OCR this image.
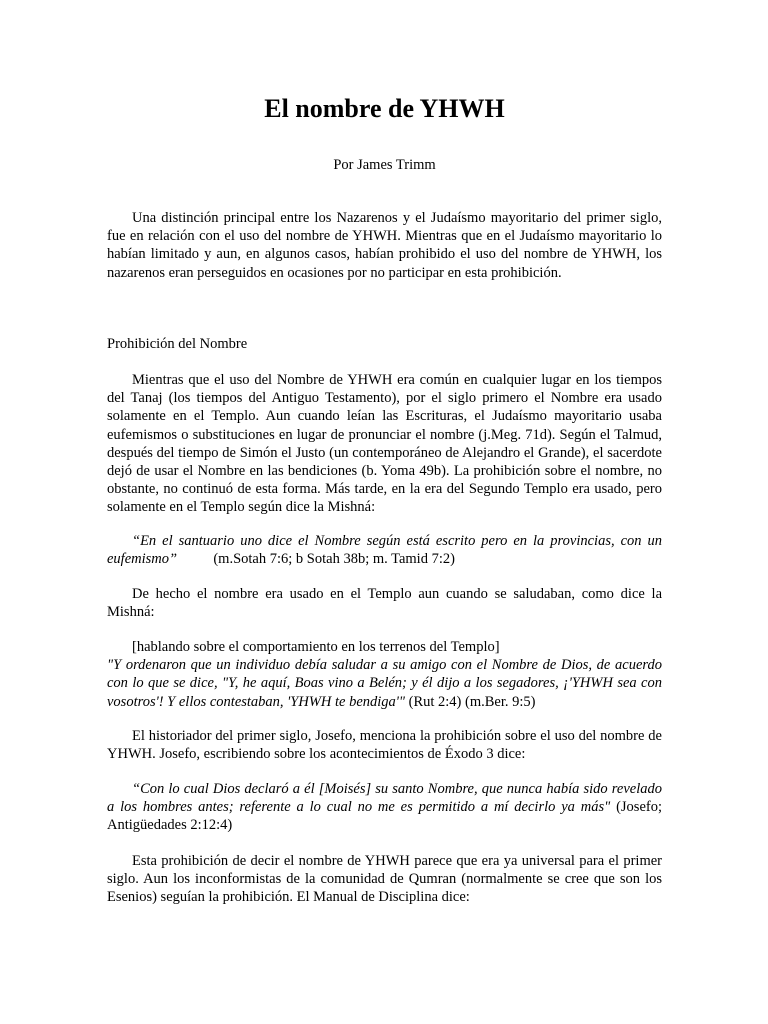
El nombre de YHWH

Por James Trimm

Una distinción principal entre los Nazarenos y el Judaísmo mayoritario del primer siglo, fue en relación con el uso del nombre de YHWH. Mientras que en el Judaísmo mayoritario lo habían limitado y aun, en algunos casos, habían prohibido el uso del nombre de YHWH, los nazarenos eran perseguidos en ocasiones por no participar en esta prohibición.

Prohibición del Nombre

Mientras que el uso del Nombre de YHWH era común en cualquier lugar en los tiempos del Tanaj (los tiempos del Antiguo Testamento), por el siglo primero el Nombre era usado solamente en el Templo. Aun cuando leían las Escrituras, el Judaísmo mayoritario usaba eufemismos o substituciones en lugar de pronunciar el nombre (j.Meg. 71d). Según el Talmud, después del tiempo de Simón el Justo (un contemporáneo de Alejandro el Grande), el sacerdote dejó de usar el Nombre en las bendiciones (b. Yoma 49b). La prohibición sobre el nombre, no obstante, no continuó de esta forma. Más tarde, en la era del Segundo Templo era usado, pero solamente en el Templo según dice la Mishná:

“En el santuario uno dice el Nombre según está escrito pero en la provincias, con un eufemismo”	(m.Sotah 7:6; b Sotah 38b; m. Tamid 7:2)

De hecho el nombre era usado en el Templo aun cuando se saludaban, como dice la Mishná:

[hablando sobre el comportamiento en los terrenos del Templo]
"Y ordenaron que un individuo debía saludar a su amigo con el Nombre de Dios, de acuerdo con lo que se dice, "Y, he aquí, Boas vino a Belén; y él dijo a los segadores, ¡'YHWH sea con vosotros'! Y ellos contestaban, 'YHWH te bendiga'" (Rut 2:4) (m.Ber. 9:5)

El historiador del primer siglo, Josefo, menciona la prohibición sobre el uso del nombre de YHWH. Josefo, escribiendo sobre los acontecimientos de Éxodo 3 dice:

“Con lo cual Dios declaró a él [Moisés] su santo Nombre, que nunca había sido revelado a los hombres antes; referente a lo cual no me es permitido a mí decirlo ya más" (Josefo; Antigüedades 2:12:4)

Esta prohibición de decir el nombre de YHWH parece que era ya universal para el primer siglo. Aun los inconformistas de la comunidad de Qumran (normalmente se cree que son los Esenios) seguían la prohibición. El Manual de Disciplina dice:
